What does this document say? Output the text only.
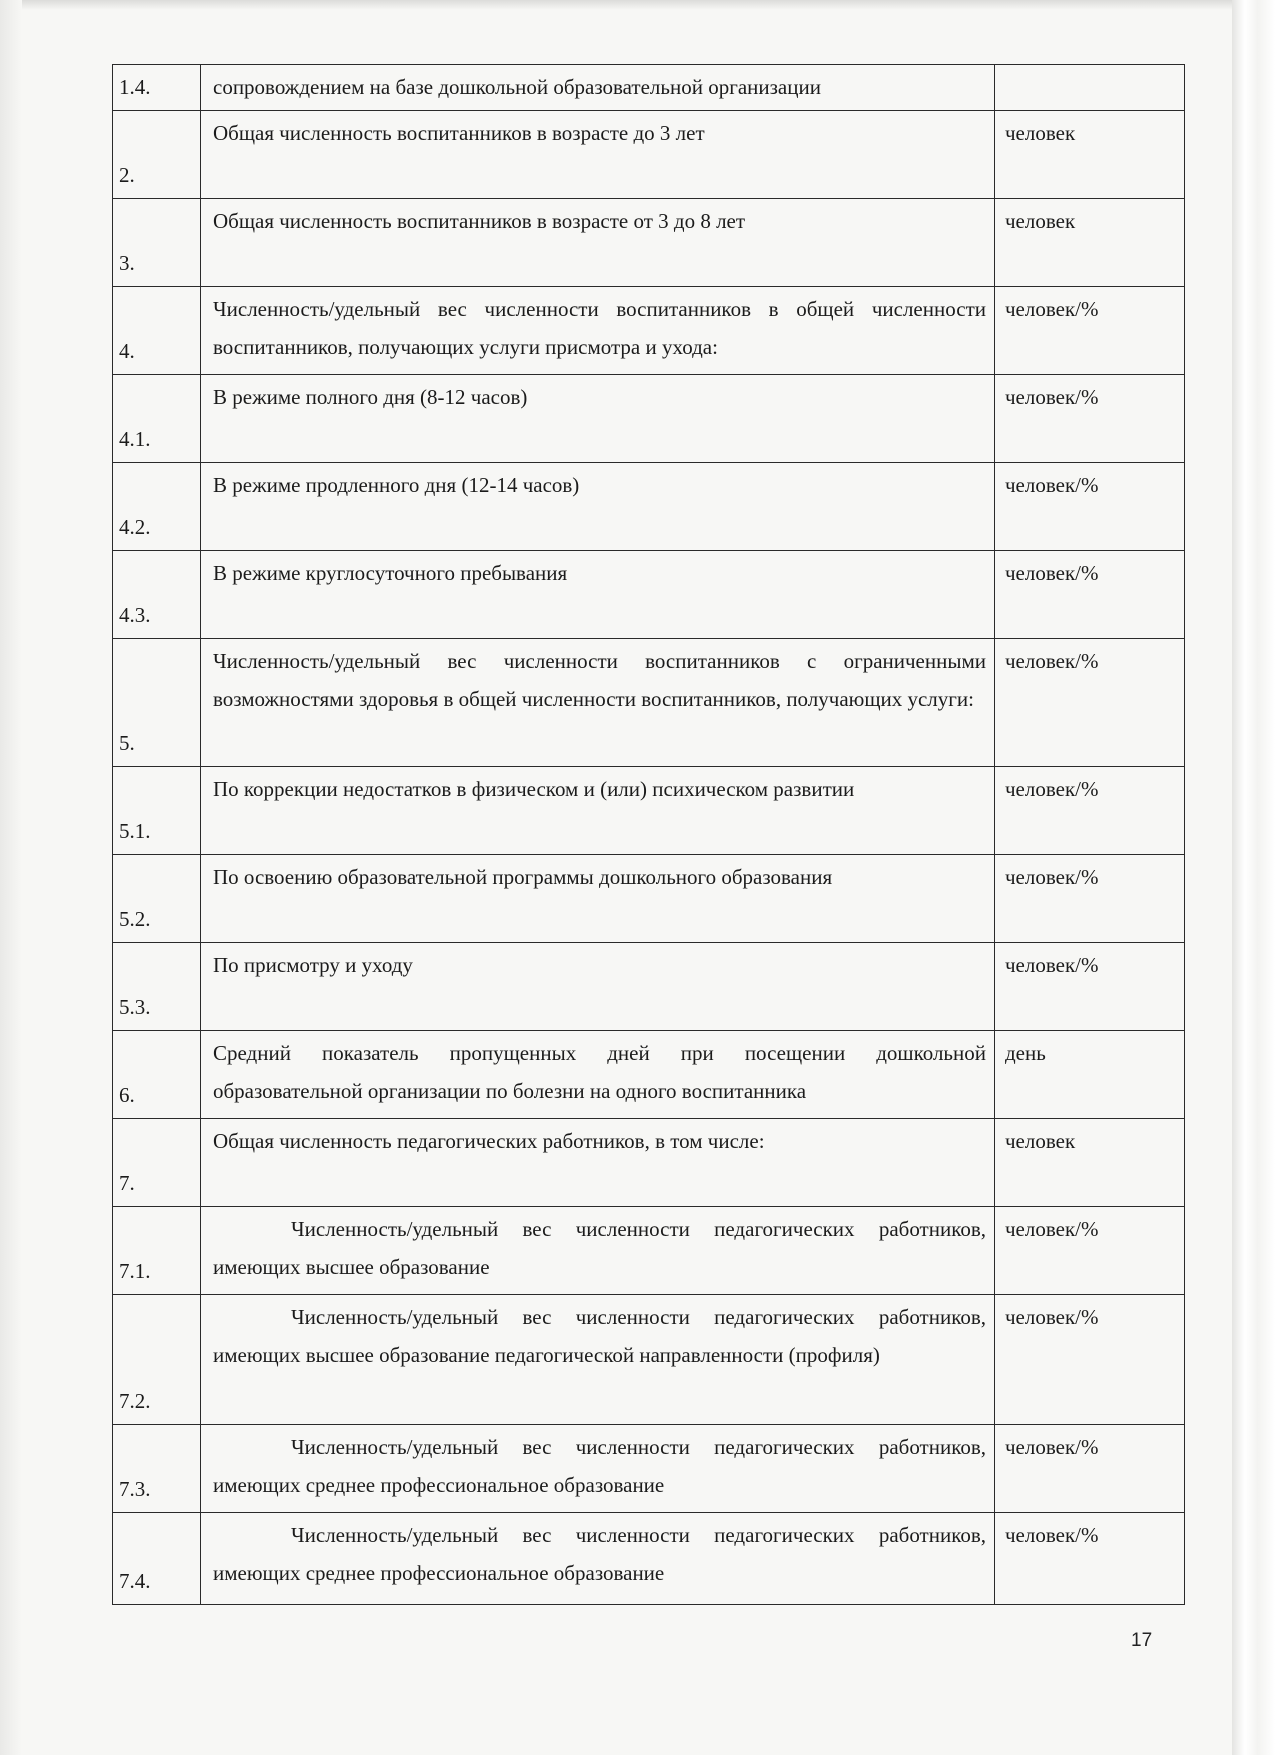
1.4.	сопровождением на базе дошкольной образовательной организации	
2.	Общая численность воспитанников в возрасте до 3 лет	человек
3.	Общая численность воспитанников в возрасте от 3 до 8 лет	человек
4.	Численность/удельный вес численности воспитанников в общей численности воспитанников, получающих услуги присмотра и ухода:	человек/%
4.1.	В режиме полного дня (8-12 часов)	человек/%
4.2.	В режиме продленного дня (12-14 часов)	человек/%
4.3.	В режиме круглосуточного пребывания	человек/%
5.	Численность/удельный вес численности воспитанников с ограниченными возможностями здоровья в общей численности воспитанников, получающих услуги:	человек/%
5.1.	По коррекции недостатков в физическом и (или) психическом развитии	человек/%
5.2.	По освоению образовательной программы дошкольного образования	человек/%
5.3.	По присмотру и уходу	человек/%
6.	Средний показатель пропущенных дней при посещении дошкольной образовательной организации по болезни на одного воспитанника	день
7.	Общая численность педагогических работников, в том числе:	человек
7.1.	Численность/удельный вес численности педагогических работников, имеющих высшее образование	человек/%
7.2.	Численность/удельный вес численности педагогических работников, имеющих высшее образование педагогической направленности (профиля)	человек/%
7.3.	Численность/удельный вес численности педагогических работников, имеющих среднее профессиональное образование	человек/%
7.4.	Численность/удельный вес численности педагогических работников, имеющих среднее профессиональное образование	человек/%
17
